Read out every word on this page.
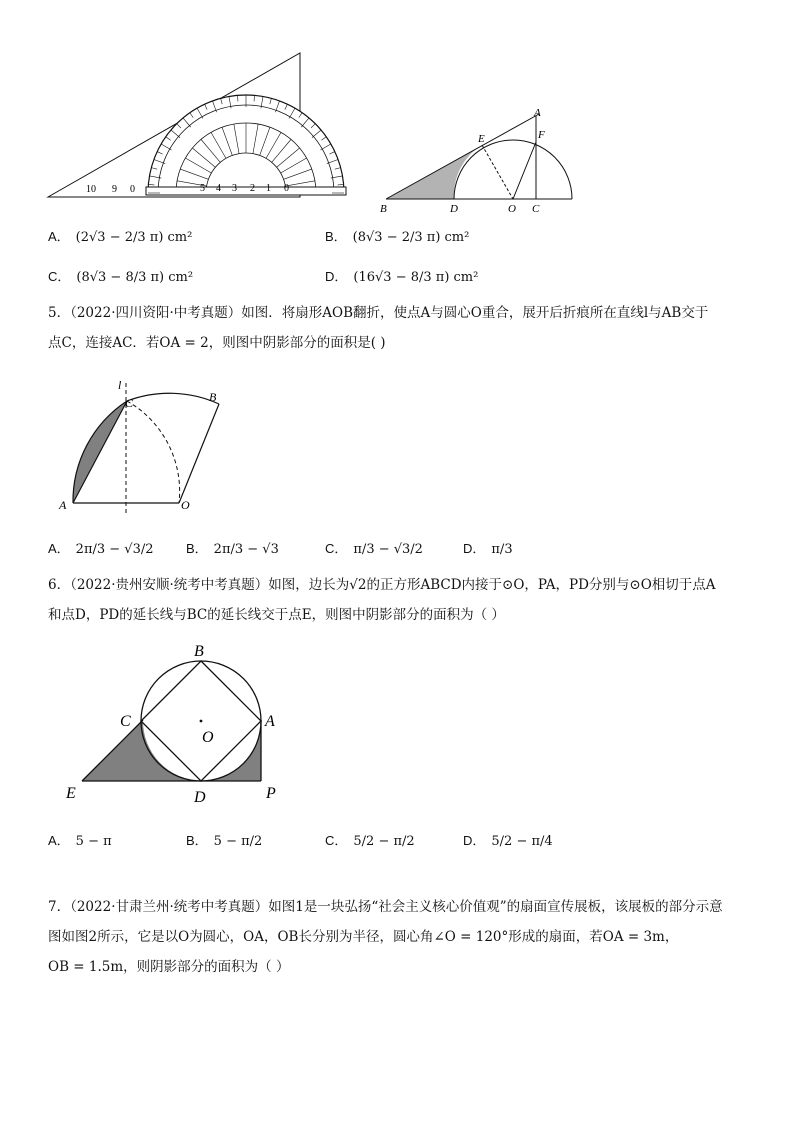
10 9 0	5 4 3 2 1 0
A
E	F
B	D	O C
A． (2√3 − 2/3 π) cm²	B． (8√3 − 2/3 π) cm²
C． (8√3 − 8/3 π) cm²	D． (16√3 − 8/3 π) cm²
5．（2022·四川资阳·中考真题）如图．将扇形AOB翻折，使点A与圆心O重合，展开后折痕所在直线l与AB交于
点C，连接AC．若OA = 2，则图中阴影部分的面积是( )
l
C	B
A	O
A． 2π/3 − √3/2 B． 2π/3 − √3	C． π/3 − √3/2	D． π/3
6．（2022·贵州安顺·统考中考真题）如图，边长为√2的正方形ABCD内接于⊙O，PA，PD分别与⊙O相切于点A
和点D，PD的延长线与BC的延长线交于点E，则图中阴影部分的面积为（ ）
B
C
O
A
E	D	P
A． 5 − π	B． 5 − π/2	C． 5/2 − π/2	D． 5/2 − π/4
7．（2022·甘肃兰州·统考中考真题）如图1是一块弘扬“社会主义核心价值观”的扇面宣传展板，该展板的部分示意
图如图2所示，它是以O为圆心，OA，OB长分别为半径，圆心角∠O = 120°形成的扇面，若OA = 3m，
OB = 1.5m，则阴影部分的面积为（ ）
